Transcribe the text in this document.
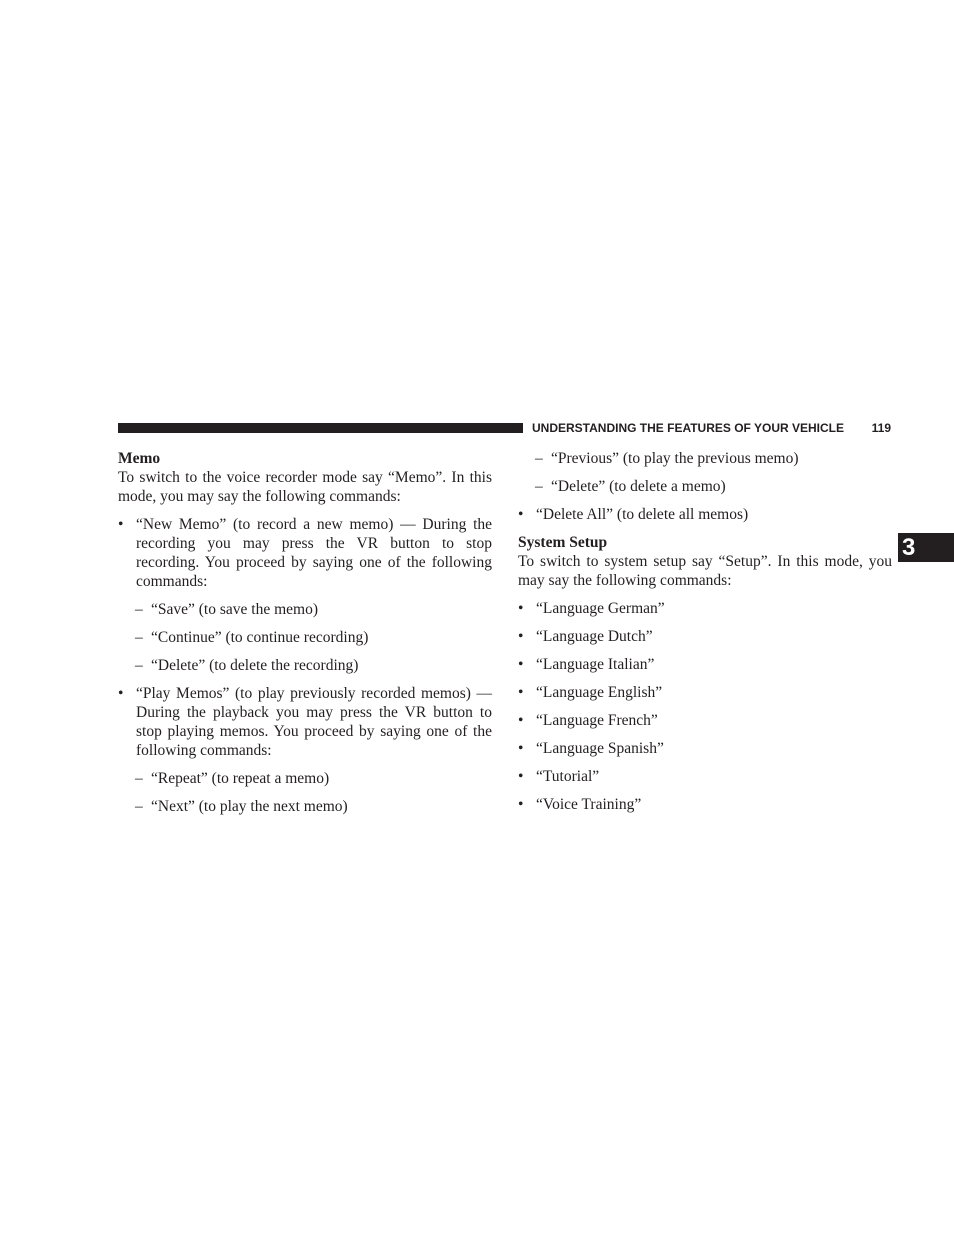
UNDERSTANDING THE FEATURES OF YOUR VEHICLE 119
3

Memo

To switch to the voice recorder mode say “Memo”. In this mode, you may say the following commands:

• “New Memo” (to record a new memo) — During the recording you may press the VR button to stop recording. You proceed by saying one of the following commands:
– “Save” (to save the memo)
– “Continue” (to continue recording)
– “Delete” (to delete the recording)
• “Play Memos” (to play previously recorded memos) — During the playback you may press the VR button to stop playing memos. You proceed by saying one of the following commands:
– “Repeat” (to repeat a memo)
– “Next” (to play the next memo)
– “Previous” (to play the previous memo)
– “Delete” (to delete a memo)
• “Delete All” (to delete all memos)

System Setup

To switch to system setup say “Setup”. In this mode, you may say the following commands:

• “Language German”
• “Language Dutch”
• “Language Italian”
• “Language English”
• “Language French”
• “Language Spanish”
• “Tutorial”
• “Voice Training”
